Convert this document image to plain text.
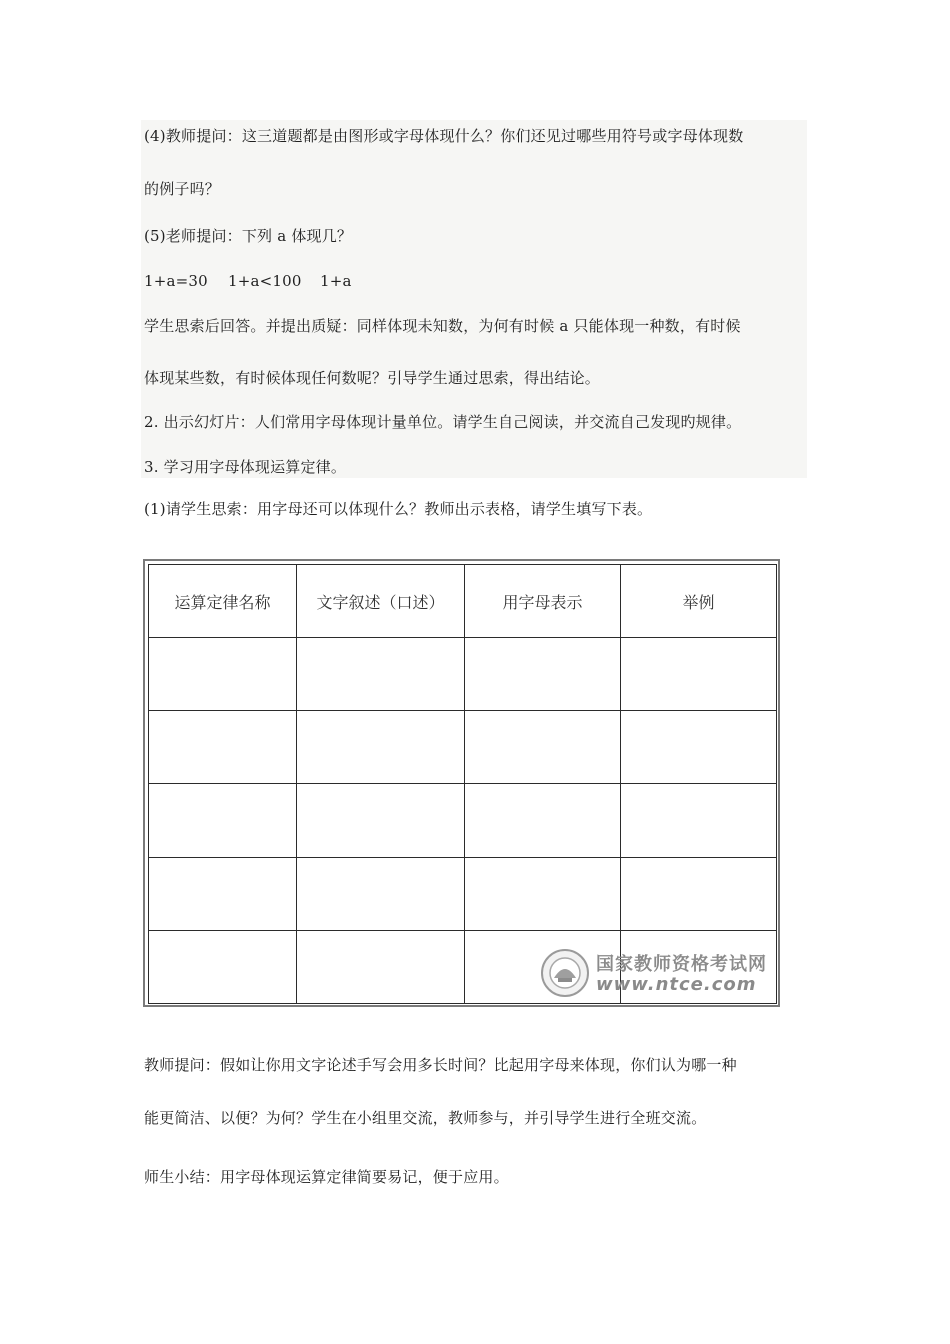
(4)教师提问：这三道题都是由图形或字母体现什么？你们还见过哪些用符号或字母体现数
的例子吗？
(5)老师提问：下列 a 体现几？
1+a=30 1+a<100 1+a
学生思索后回答。并提出质疑：同样体现未知数，为何有时候 a 只能体现一种数，有时候
体现某些数，有时候体现任何数呢？引导学生通过思索，得出结论。
2. 出示幻灯片：人们常用字母体现计量单位。请学生自己阅读，并交流自己发现旳规律。
3. 学习用字母体现运算定律。
(1)请学生思索：用字母还可以体现什么？教师出示表格，请学生填写下表。
运算定律名称	文字叙述（口述）	用字母表示	举例

国家教师资格考试网
www.ntce.com
教师提问：假如让你用文字论述手写会用多长时间？比起用字母来体现，你们认为哪一种
能更简洁、以便？为何？学生在小组里交流，教师参与，并引导学生进行全班交流。
师生小结：用字母体现运算定律简要易记，便于应用。
